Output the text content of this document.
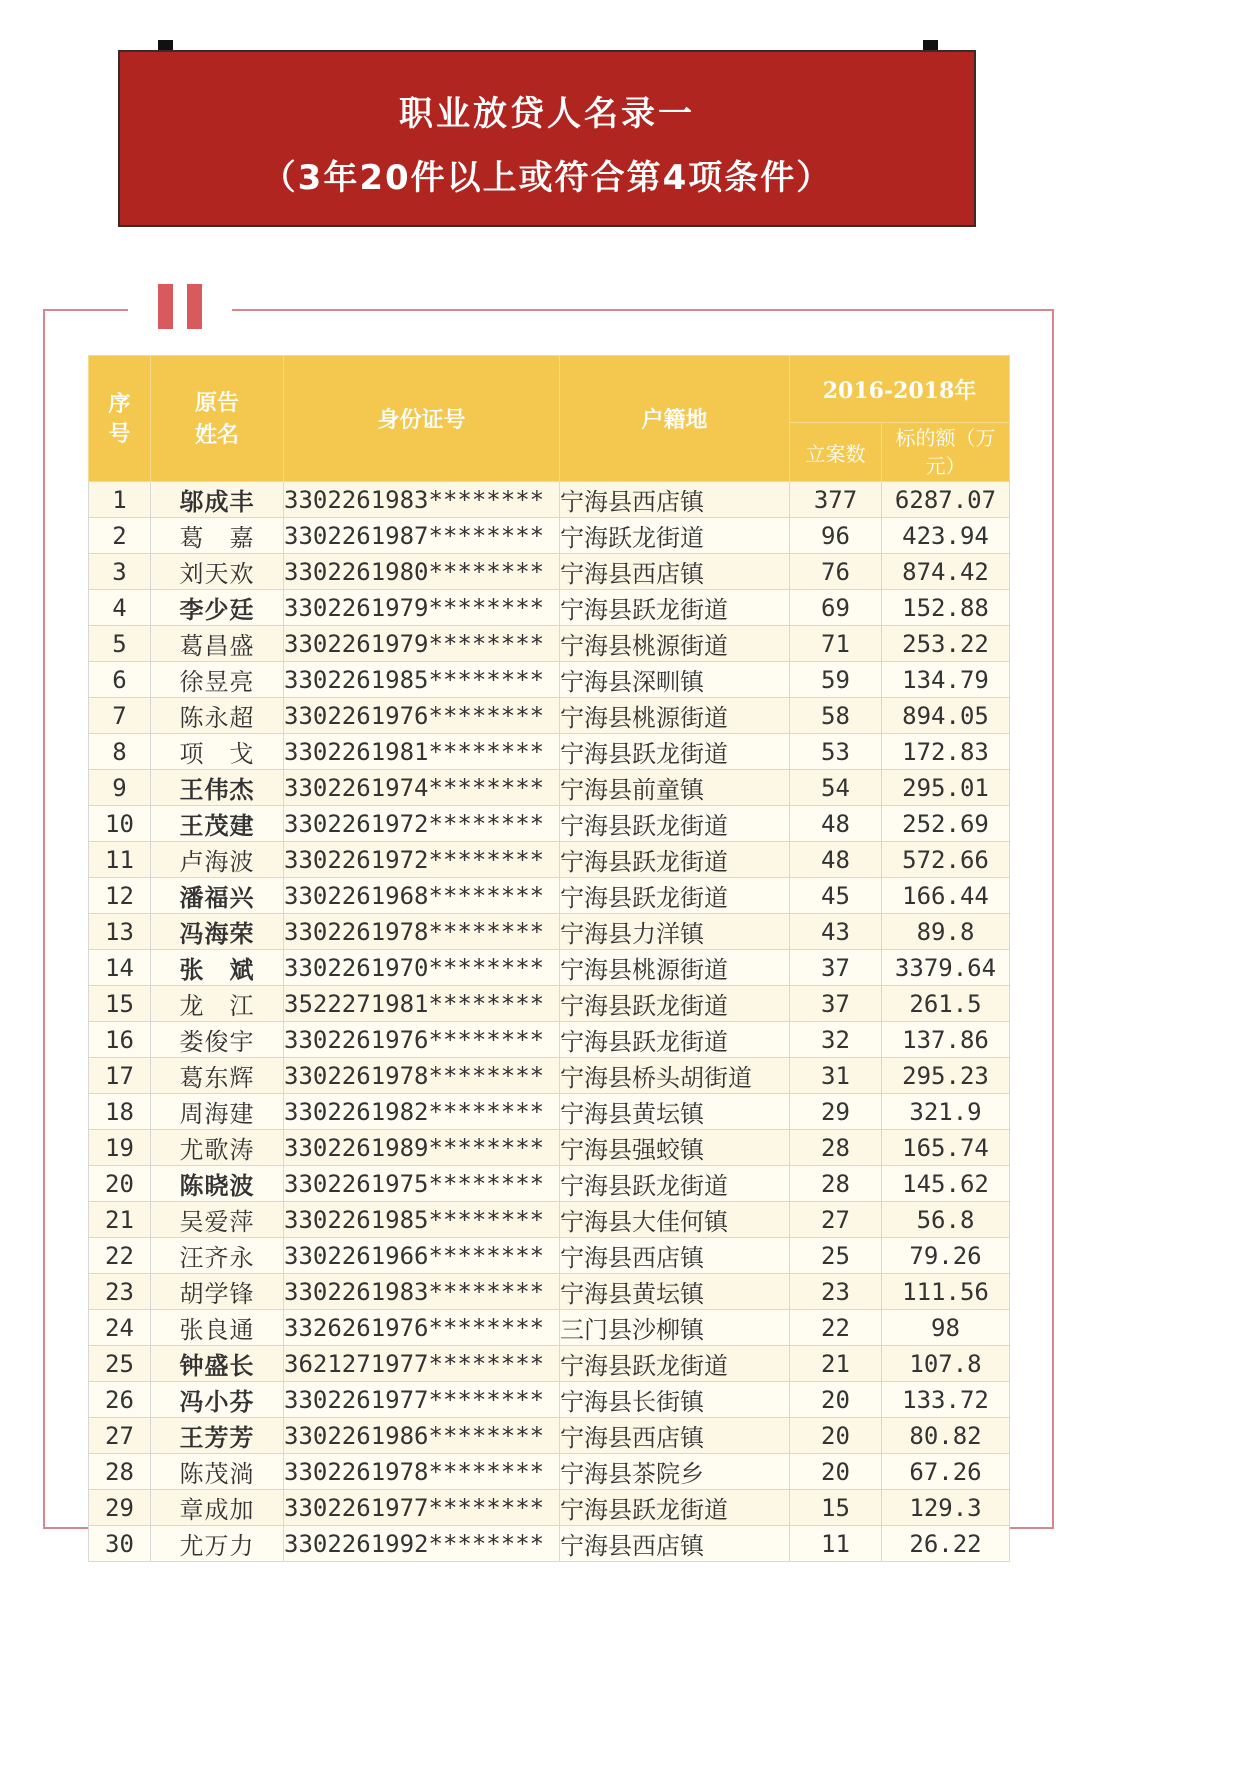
职业放贷人名录一
（3年20件以上或符合第4项条件）
序号	原告姓名	身份证号	户籍地	2016-2018年	
				立案数	标的额（万元）

1	邬成丰	3302261983********	宁海县西店镇	377	6287.07
2	葛　嘉	3302261987********	宁海跃龙街道	96	423.94
3	刘天欢	3302261980********	宁海县西店镇	76	874.42
4	李少廷	3302261979********	宁海县跃龙街道	69	152.88
5	葛昌盛	3302261979********	宁海县桃源街道	71	253.22
6	徐昱亮	3302261985********	宁海县深甽镇	59	134.79
7	陈永超	3302261976********	宁海县桃源街道	58	894.05
8	项　戈	3302261981********	宁海县跃龙街道	53	172.83
9	王伟杰	3302261974********	宁海县前童镇	54	295.01
10	王茂建	3302261972********	宁海县跃龙街道	48	252.69
11	卢海波	3302261972********	宁海县跃龙街道	48	572.66
12	潘福兴	3302261968********	宁海县跃龙街道	45	166.44
13	冯海荣	3302261978********	宁海县力洋镇	43	89.8
14	张　斌	3302261970********	宁海县桃源街道	37	3379.64
15	龙　江	3522271981********	宁海县跃龙街道	37	261.5
16	娄俊宇	3302261976********	宁海县跃龙街道	32	137.86
17	葛东辉	3302261978********	宁海县桥头胡街道	31	295.23
18	周海建	3302261982********	宁海县黄坛镇	29	321.9
19	尤歌涛	3302261989********	宁海县强蛟镇	28	165.74
20	陈晓波	3302261975********	宁海县跃龙街道	28	145.62
21	吴爱萍	3302261985********	宁海县大佳何镇	27	56.8
22	汪齐永	3302261966********	宁海县西店镇	25	79.26
23	胡学锋	3302261983********	宁海县黄坛镇	23	111.56
24	张良通	3326261976********	三门县沙柳镇	22	98
25	钟盛长	3621271977********	宁海县跃龙街道	21	107.8
26	冯小芬	3302261977********	宁海县长街镇	20	133.72
27	王芳芳	3302261986********	宁海县西店镇	20	80.82
28	陈茂淌	3302261978********	宁海县茶院乡	20	67.26
29	章成加	3302261977********	宁海县跃龙街道	15	129.3
30	尤万力	3302261992********	宁海县西店镇	11	26.22
